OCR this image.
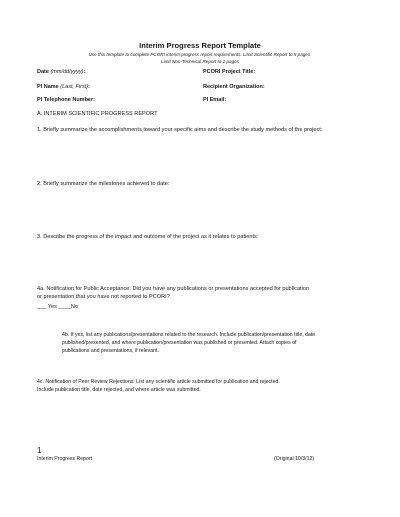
Interim Progress Report Template
Use this template to complete PCORI interim progress report requirements. Limit Scientific Report to 5 pages.
Limit Non-Technical Report to 2 pages
Date (mm/dd/yyyy):	PCORI Project Title:
PI Name (Last, First):	Recipient Organization:
PI Telephone Number:	PI Email:
A. INTERIM SCIENTIFIC PROGRESS REPORT
1. Briefly summarize the accomplishments toward your specific aims and describe the study methods of the project:
2. Briefly summarize the milestones achieved to date:
3. Describe the progress of the impact and outcome of the project as it relates to patients:
4a. Notification for Public Acceptance: Did you have any publications or presentations accepted for publication
or presentation that you have not reported to PCORI?
___ Yes ____No
4b. If yes, list any publications/presentations related to the research. Include publication/presentation title, date
published/presented, and where publication/presentation was published or presented. Attach copies of
publications and presentations, if relevant.
4c. Notification of Peer Review Rejections: List any scientific article submitted for publication and rejected.
Include publication title, date rejected, and where article was submitted.
1
Interim Progress Report	(Original 10/3/12)
